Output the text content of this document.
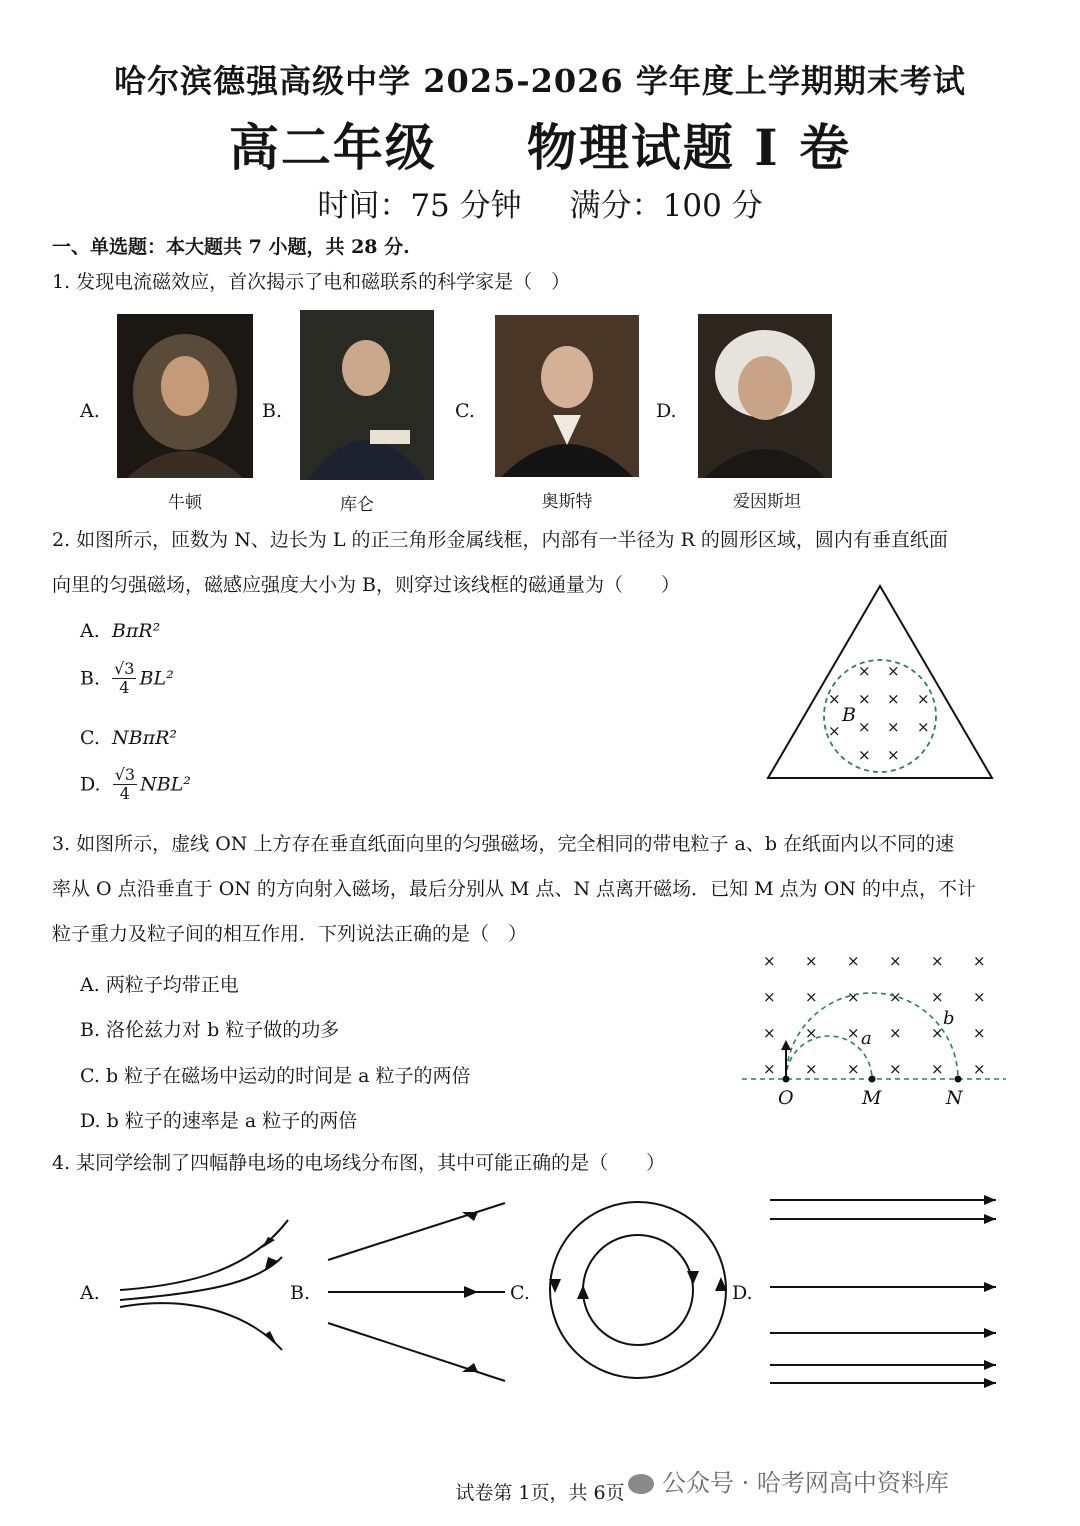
哈尔滨德强高级中学 2025-2026 学年度上学期期末考试
高二年级 物理试题 I 卷
时间：75 分钟 满分：100 分
一、单选题：本大题共 7 小题，共 28 分.
1. 发现电流磁效应，首次揭示了电和磁联系的科学家是（　）
A.	B.	C.	D.
牛顿	库仑	奥斯特	爱因斯坦
2. 如图所示，匝数为 N、边长为 L 的正三角形金属线框，内部有一半径为 R 的圆形区域，圆内有垂直纸面
向里的匀强磁场，磁感应强度大小为 B，则穿过该线框的磁通量为（　　）
A. BπR²
B. $\frac{√3}{4} BL^2$
C. NBπR²
D. $\frac{√3}{4} NBL^2$
× ×
× × × ×
× × ×
×
× ×
B
3. 如图所示，虚线 ON 上方存在垂直纸面向里的匀强磁场，完全相同的带电粒子 a、b 在纸面内以不同的速
率从 O 点沿垂直于 ON 的方向射入磁场，最后分别从 M 点、N 点离开磁场．已知 M 点为 ON 的中点，不计
粒子重力及粒子间的相互作用．下列说法正确的是（　）
A. 两粒子均带正电
B. 洛伦兹力对 b 粒子做的功多
C. b 粒子在磁场中运动的时间是 a 粒子的两倍
D. b 粒子的速率是 a 粒子的两倍
× × × × × ×
× × × × × ×
× × × × × ×
× × × × × ×
O	M	N
a
b
4. 某同学绘制了四幅静电场的电场线分布图，其中可能正确的是（　　）
A.	B.	C.	D.
试卷第 1页，共 6页	公众号 · 哈考网高中资料库
